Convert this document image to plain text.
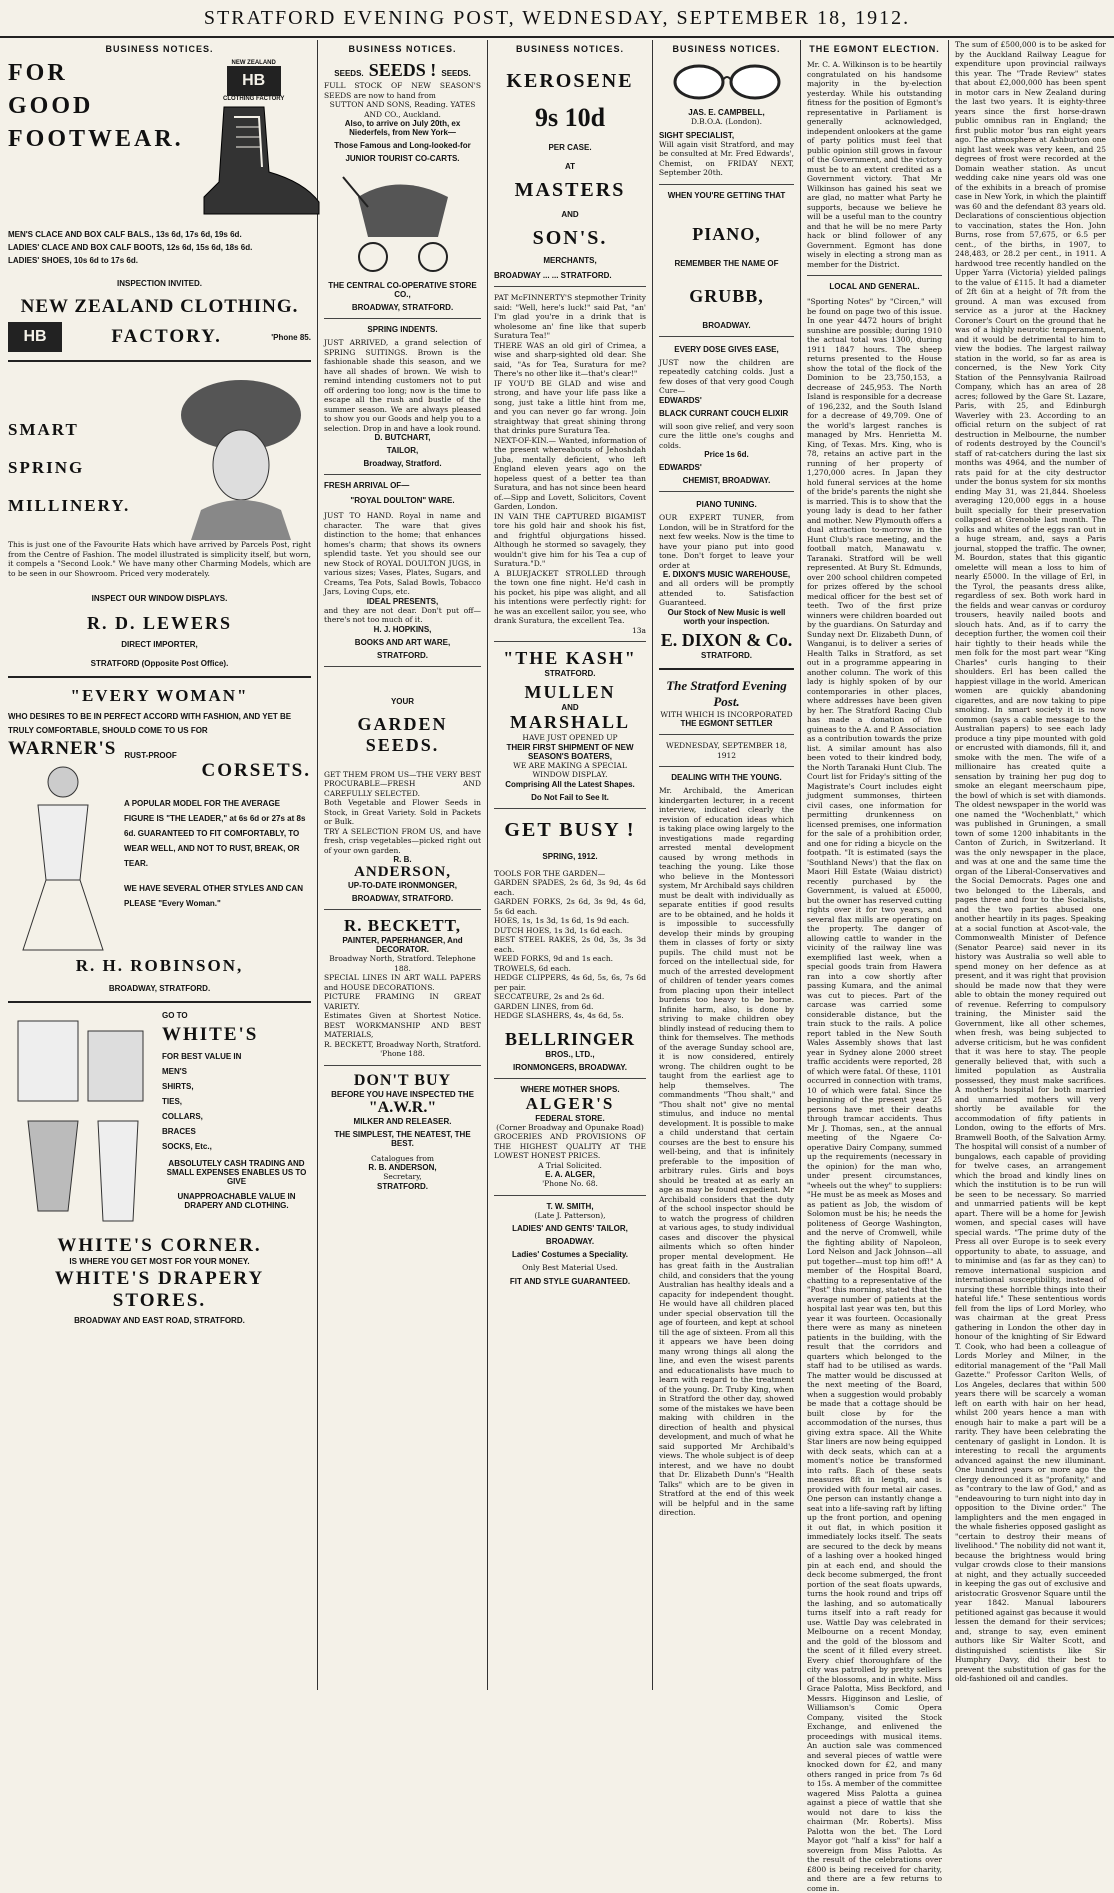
STRATFORD EVENING POST, WEDNESDAY, SEPTEMBER 18, 1912.
BUSINESS NOTICES.
FOR
GOOD
FOOTWEAR.
NEW ZEALAND
HB
CLOTHING FACTORY
MEN'S CLACE AND BOX CALF BALS., 13s 6d, 17s 6d, 19s 6d.
LADIES' CLACE AND BOX CALF BOOTS, 12s 6d, 15s 6d, 18s 6d.
LADIES' SHOES, 10s 6d to 17s 6d.
INSPECTION INVITED.
NEW ZEALAND CLOTHING.
HB	FACTORY.	'Phone 85.
SMART
SPRING
MILLINERY.
This is just one of the Favourite Hats which have arrived by Parcels Post, right from the Centre of Fashion. The model illustrated is simplicity itself, but worn, it compels a "Second Look." We have many other Charming Models, which are to be seen in our Showroom. Priced very moderately.
INSPECT OUR WINDOW DISPLAYS.
R. D. LEWERS
DIRECT IMPORTER,
STRATFORD (Opposite Post Office).
"EVERY WOMAN"
WHO DESIRES TO BE IN PERFECT ACCORD WITH FASHION, AND YET BE TRULY COMFORTABLE, SHOULD COME TO US FOR
WARNER'S RUST-PROOF
CORSETS.
A POPULAR MODEL FOR THE AVERAGE FIGURE IS "THE LEADER," at 6s 6d or 27s at 8s 6d. GUARANTEED TO FIT COMFORTABLY, TO WEAR WELL, AND NOT TO RUST, BREAK, OR TEAR.
WE HAVE SEVERAL OTHER STYLES AND CAN PLEASE "Every Woman."
R. H. ROBINSON,
BROADWAY, STRATFORD.
GO TO
WHITE'S
FOR BEST VALUE IN
MEN'S
SHIRTS,
TIES,
COLLARS,
BRACES
SOCKS, Etc.,
ABSOLUTELY CASH TRADING AND SMALL EXPENSES ENABLES US TO GIVE
UNAPPROACHABLE VALUE IN DRAPERY AND CLOTHING.
WHITE'S CORNER.
IS WHERE YOU GET MOST FOR YOUR MONEY.
WHITE'S DRAPERY STORES.
BROADWAY AND EAST ROAD, STRATFORD.
BUSINESS NOTICES.
SEEDS. SEEDS ! SEEDS.
FULL STOCK OF NEW SEASON'S SEEDS are now to hand from
SUTTON AND SONS, Reading. YATES AND CO., Auckland.
Also, to arrive on July 20th, ex Niederfels, from New York—
Those Famous and Long-looked-for
JUNIOR TOURIST CO-CARTS.
THE CENTRAL CO-OPERATIVE STORE CO.,
BROADWAY, STRATFORD.
SPRING INDENTS.
JUST ARRIVED, a grand selection of SPRING SUITINGS. Brown is the fashionable shade this season, and we have all shades of brown. We wish to remind intending customers not to put off ordering too long; now is the time to escape all the rush and bustle of the summer season. We are always pleased to show you our Goods and help you to a selection. Drop in and have a look round.
D. BUTCHART,
TAILOR,
Broadway, Stratford.
FRESH ARRIVAL OF—
"ROYAL DOULTON" WARE.
JUST TO HAND. Royal in name and character. The ware that gives distinction to the home; that enhances homes's charm; that shows its owners splendid taste. Yet you should see our new Stock of ROYAL DOULTON JUGS, in various sizes; Vases, Plates, Sugars, and Creams, Tea Pots, Salad Bowls, Tobacco Jars, Loving Cups, etc.
IDEAL PRESENTS,
and they are not dear. Don't put off—there's not too much of it.
H. J. HOPKINS,
BOOKS AND ART WARE,
STRATFORD.
YOUR
GARDEN SEEDS.
GET THEM FROM US—THE VERY BEST PROCURABLE—FRESH AND CAREFULLY SELECTED.
Both Vegetable and Flower Seeds in Stock, in Great Variety. Sold in Packets or Bulk.
TRY A SELECTION FROM US, and have fresh, crisp vegetables—picked right out of your own garden.
R. B.
ANDERSON,
UP-TO-DATE IRONMONGER,
BROADWAY, STRATFORD.
R. BECKETT,
PAINTER, PAPERHANGER, And DECORATOR.
Broadway North, Stratford. Telephone 188.
SPECIAL LINES IN ART WALL PAPERS and HOUSE DECORATIONS.
PICTURE FRAMING IN GREAT VARIETY.
Estimates Given at Shortest Notice. BEST WORKMANSHIP AND BEST MATERIALS,
R. BECKETT, Broadway North, Stratford. 'Phone 188.
DON'T BUY
BEFORE YOU HAVE INSPECTED THE
"A.W.R."
MILKER AND RELEASER.
THE SIMPLEST, THE NEATEST, THE BEST.
Catalogues from
R. B. ANDERSON,
Secretary,
STRATFORD.
BUSINESS NOTICES.
KEROSENE
9s 10d
PER CASE.
AT
MASTERS
AND
SON'S.
MERCHANTS,
BROADWAY ... ... STRATFORD.
PAT McFINNERTY'S stepmother Trinity said: "Well, here's luck!" said Pat, "an' I'm glad you're in a drink that is wholesome an' fine like that superb Suratura Tea!"
THERE WAS an old girl of Crimea, a wise and sharp-sighted old dear. She said, "As for Tea, Suratura for me? There's no other like it—that's clear!"
IF YOU'D BE GLAD and wise and strong, and have your life pass like a song, just take a little hint from me, and you can never go far wrong. Join straightway that great shining throng that drinks pure Suratura Tea.
NEXT-OF-KIN.— Wanted, information of the present whereabouts of Jehoshdah Juba, mentally deficient, who left England eleven years ago on the hopeless quest of a better tea than Suratura, and has not since been heard of.—Sipp and Lovett, Solicitors, Covent Garden, London.
IN VAIN THE CAPTURED BIGAMIST tore his gold hair and shook his fist, and frightful objurgations hissed. Although he stormed so savagely, they wouldn't give him for his Tea a cup of Suratura."D."
A BLUEJACKET STROLLED through the town one fine night. He'd cash in his pocket, his pipe was alight, and all his intentions were perfectly right: for he was an excellent sailor, you see, who drank Suratura, the excellent Tea.
13a
"THE KASH"
STRATFORD.
MULLEN
AND
MARSHALL
HAVE JUST OPENED UP
THEIR FIRST SHIPMENT OF NEW SEASON'S BOATERS,
WE ARE MAKING A SPECIAL WINDOW DISPLAY.
Comprising All the Latest Shapes.
Do Not Fail to See It.
GET BUSY !
SPRING, 1912.
TOOLS FOR THE GARDEN—
GARDEN SPADES, 2s 6d, 3s 9d, 4s 6d each.
GARDEN FORKS, 2s 6d, 3s 9d, 4s 6d, 5s 6d each.
HOES, 1s, 1s 3d, 1s 6d, 1s 9d each.
DUTCH HOES, 1s 3d, 1s 6d each.
BEST STEEL RAKES, 2s 0d, 3s, 3s 3d each.
WEED FORKS, 9d and 1s each.
TROWELS, 6d each.
HEDGE CLIPPERS, 4s 6d, 5s, 6s, 7s 6d per pair.
SECCATEURE, 2s and 2s 6d.
GARDEN LINES, from 6d.
HEDGE SLASHERS, 4s, 4s 6d, 5s.
BELLRINGER
BROS., LTD.,
IRONMONGERS, BROADWAY.
WHERE MOTHER SHOPS.
ALGER'S
FEDERAL STORE.
(Corner Broadway and Opunake Road)
GROCERIES AND PROVISIONS OF THE HIGHEST QUALITY AT THE LOWEST HONEST PRICES.
A Trial Solicited.
E. A. ALGER,
'Phone No. 68.
T. W. SMITH,
(Late J. Patterson),
LADIES' AND GENTS' TAILOR,
BROADWAY.
Ladies' Costumes a Speciality.
Only Best Material Used.
FIT AND STYLE GUARANTEED.
BUSINESS NOTICES.
JAS. E. CAMPBELL,
D.B.O.A. (London).
SIGHT SPECIALIST,
Will again visit Stratford, and may be consulted at Mr. Fred Edwards', Chemist, on FRIDAY NEXT, September 20th.
WHEN YOU'RE GETTING THAT
PIANO,
REMEMBER THE NAME OF
GRUBB,
BROADWAY.
EVERY DOSE GIVES EASE,
JUST now the children are repeatedly catching colds. Just a few doses of that very good Cough Cure—
EDWARDS'
BLACK CURRANT COUCH ELIXIR
will soon give relief, and very soon cure the little one's coughs and colds.
Price 1s 6d.
EDWARDS'
CHEMIST, BROADWAY.
PIANO TUNING.
OUR EXPERT TUNER, from London, will be in Stratford for the next few weeks. Now is the time to have your piano put into good tone. Don't forget to leave your order at
E. DIXON'S MUSIC WAREHOUSE,
and all orders will be promptly attended to. Satisfaction Guaranteed.
Our Stock of New Music is well worth your inspection.
E. DIXON & Co.
STRATFORD.
The Stratford Evening Post.
WITH WHICH IS INCORPORATED
THE EGMONT SETTLER
WEDNESDAY, SEPTEMBER 18, 1912
DEALING WITH THE YOUNG.
Mr. Archibald, the American kindergarten lecturer, in a recent interview, indicated clearly the revision of education ideas which is taking place owing largely to the investigations made regarding arrested mental development caused by wrong methods in teaching the young. Like those who believe in the Montessori system, Mr Archibald says children must be dealt with individually as separate entities if good results are to be obtained, and he holds it is impossible to successfully develop their minds by grouping them in classes of forty or sixty pupils. The child must not be forced on the intellectual side, for much of the arrested development of children of tender years comes from placing upon their intellect burdens too heavy to be borne. Infinite harm, also, is done by striving to make children obey blindly instead of reducing them to think for themselves. The methods of the average Sunday school are, it is now considered, entirely wrong. The children ought to be taught from the earliest age to help themselves. The commandments "Thou shalt," and "Thou shalt not" give no mental stimulus, and induce no mental development. It is possible to make a child understand that certain courses are the best to ensure his well-being, and that is infinitely preferable to the imposition of arbitrary rules. Girls and boys should be treated at as early an age as may be found expedient. Mr Archibald considers that the duty of the school inspector should be to watch the progress of children at various ages, to study individual cases and discover the physical ailments which so often hinder proper mental development. He has great faith in the Australian child, and considers that the young Australian has healthy ideals and a capacity for independent thought. He would have all children placed under special observation till the age of fourteen, and kept at school till the age of sixteen. From all this it appears we have been doing many wrong things all along the line, and even the wisest parents and educationalists have much to learn with regard to the treatment of the young. Dr. Truby King, when in Stratford the other day, showed some of the mistakes we have been making with children in the direction of health and physical development, and much of what he said supported Mr Archibald's views. The whole subject is of deep interest, and we have no doubt that Dr. Elizabeth Dunn's "Health Talks" which are to be given in Stratford at the end of this week will be helpful and in the same direction.
THE EGMONT ELECTION.
Mr. C. A. Wilkinson is to be heartily congratulated on his handsome majority in the by-election yesterday. While his outstanding fitness for the position of Egmont's representative in Parliament is generally acknowledged, independent onlookers at the game of party politics must feel that public opinion still grows in favour of the Government, and the victory must be to an extent credited as a Government victory. That Mr Wilkinson has gained his seat we are glad, no matter what Party he supports, because we believe he will be a useful man to the country and that he will be no mere Party hack or blind follower of any Government. Egmont has done wisely in electing a strong man as member for the District.
LOCAL AND GENERAL.
"Sporting Notes" by "Circen," will be found on page two of this issue. In one year 4472 hours of bright sunshine are possible; during 1910 the actual total was 1300, during 1911 1847 hours. The sheep returns presented to the House show the total of the flock of the Dominion to be 23,750,153, a decrease of 245,953. The North Island is responsible for a decrease of 196,232, and the South Island for a decrease of 49,709. One of the world's largest ranches is managed by Mrs. Henrietta M. King, of Texas. Mrs. King, who is 78, retains an active part in the running of her property of 1,270,000 acres. In Japan they hold funeral services at the home of the bride's parents the night she is married. This is to show that the young lady is dead to her father and mother. New Plymouth offers a dual attraction to-morrow in the Hunt Club's race meeting, and the football match, Manawatu v. Taranaki. Stratford will be well represented. At Bury St. Edmunds, over 200 school children competed for prizes offered by the school medical officer for the best set of teeth. Two of the first prize winners were children boarded out by the guardians. On Saturday and Sunday next Dr. Elizabeth Dunn, of Wanganui, is to deliver a series of Health Talks in Stratford, as set out in a programme appearing in another column. The work of this lady is highly spoken of by our contemporaries in other places, where addresses have been given by her. The Stratford Racing Club has made a donation of five guineas to the A. and P. Association as a contribution towards the prize list. A similar amount has also been voted to their kindred body, the North Taranaki Hunt Club. The Court list for Friday's sitting of the Magistrate's Court includes eight judgment summonses, thirteen civil cases, one information for permitting drunkenness on licensed premises, one information for the sale of a prohibition order, and one for riding a bicycle on the footpath. "It is estimated (says the 'Southland News') that the flax on Maori Hill Estate (Waiau district) recently purchased by the Government, is valued at £5000, but the owner has reserved cutting rights over it for two years, and several flax mills are operating on the property. The danger of allowing cattle to wander in the vicinity of the railway line was exemplified last week, when a special goods train from Hawera ran into a cow shortly after passing Kumara, and the animal was cut to pieces. Part of the carcase was carried some considerable distance, but the train stuck to the rails. A police report tabled in the New South Wales Assembly shows that last year in Sydney alone 2000 street traffic accidents were reported, 28 of which were fatal. Of these, 1101 occurred in connection with trams, 10 of which were fatal. Since the beginning of the present year 25 persons have met their deaths through tramcar accidents. Thus Mr J. Thomas, sen., at the annual meeting of the Ngaere Co-operative Dairy Company, summed up the requirements (necessary in the opinion) for the man who, under present circumstances, "wheels out the whey" to suppliers: "He must be as meek as Moses and as patient as Job, the wisdom of Solomon must be his; he needs the politeness of George Washington, and the nerve of Cromwell, while the fighting ability of Napoleon, Lord Nelson and Jack Johnson—all put together—must top him off!" A member of the Hospital Board, chatting to a representative of the "Post" this morning, stated that the average number of patients at the hospital last year was ten, but this year it was fourteen. Occasionally there were as many as nineteen patients in the building, with the result that the corridors and quarters which belonged to the staff had to be utilised as wards. The matter would be discussed at the next meeting of the Board, when a suggestion would probably be made that a cottage should be built close by for the accommodation of the nurses, thus giving extra space. All the White Star liners are now being equipped with deck seats, which can at a moment's notice be transformed into rafts. Each of these seats measures 8ft in length, and is provided with four metal air cases. One person can instantly change a seat into a life-saving raft by lifting up the front portion, and opening it out flat, in which position it immediately locks itself. The seats are secured to the deck by means of a lashing over a hooked hinged pin at each end, and should the deck become submerged, the front portion of the seat floats upwards, turns the hook round and trips off the lashing, and so automatically turns itself into a raft ready for use. Wattle Day was celebrated in Melbourne on a recent Monday, and the gold of the blossom and the scent of it filled every street. Every chief thoroughfare of the city was patrolled by pretty sellers of the blossoms, and in white. Miss Grace Palotta, Miss Beckford, and Messrs. Higginson and Leslie, of Williamson's Comic Opera Company, visited the Stock Exchange, and enlivened the proceedings with musical items. An auction sale was commenced and several pieces of wattle were knocked down for £2, and many others ranged in price from 7s 6d to 15s. A member of the committee wagered Miss Palotta a guinea against a piece of wattle that she would not dare to kiss the chairman (Mr. Roberts). Miss Palotta won the bet. The Lord Mayor got "half a kiss" for half a sovereign from Miss Palotta. As the result of the celebrations over £800 is being received for charity, and there are a few returns to come in.
The sum of £500,000 is to be asked for by the Auckland Railway League for expenditure upon provincial railways this year. The "Trade Review" states that about £2,000,000 has been spent in motor cars in New Zealand during the last two years. It is eighty-three years since the first horse-drawn public omnibus ran in England; the first public motor 'bus ran eight years ago. The atmosphere at Ashburton one night last week was very keen, and 25 degrees of frost were recorded at the Domain weather station. As uncut wedding cake nine years old was one of the exhibits in a breach of promise case in New York, in which the plaintiff was 60 and the defendant 83 years old. Declarations of conscientious objection to vaccination, states the Hon. John Burns, rose from 57,675, or 6.5 per cent., of the births, in 1907, to 248,483, or 28.2 per cent., in 1911. A hardwood tree recently handled on the Upper Yarra (Victoria) yielded palings to the value of £115. It had a diameter of 2ft 6in at a height of 7ft from the ground. A man was excused from service as a juror at the Hackney Coroner's Court on the ground that he was of a highly neurotic temperament, and it would be detrimental to him to view the bodies. The largest railway station in the world, so far as area is concerned, is the New York City Station of the Pennsylvania Railroad Company, which has an area of 28 acres; followed by the Gare St. Lazare, Paris, with 25, and Edinburgh Waverley with 23. According to an official return on the subject of rat destruction in Melbourne, the number of rodents destroyed by the Council's staff of rat-catchers during the last six months was 4964, and the number of rats paid for at the city destructor under the bonus system for six months ending May 31, was 21,844. Shoeless averaging 120,000 eggs in a house built specially for their preservation collapsed at Grenoble last month. The yolks and whites of the eggs ran out in a huge stream, and, says a Paris journal, stopped the traffic. The owner, M. Bourdon, states that this gigantic omelette will mean a loss to him of nearly £5000. In the village of Erl, in the Tyrol, the peasants dress alike, regardless of sex. Both work hard in the fields and wear canvas or corduroy trousers, heavily nailed boots and slouch hats. And, as if to carry the deception further, the women coil their hair tightly to their heads while the men folk for the most part wear "King Charles" curls hanging to their shoulders. Erl has been called the happiest village in the world. American women are quickly abandoning cigarettes, and are now taking to pipe smoking. In smart society it is now common (says a cable message to the Australian papers) to see each lady produce a tiny pipe mounted with gold or encrusted with diamonds, fill it, and smoke with the men. The wife of a millionaire has created quite a sensation by training her pug dog to smoke an elegant meerschaum pipe, the bowl of which is set with diamonds. The oldest newspaper in the world was one named the "Wochenblatt," which was published in Gruningen, a small town of some 1200 inhabitants in the Canton of Zurich, in Switzerland. It was the only newspaper in the place, and was at one and the same time the organ of the Liberal-Conservatives and the Social Democrats. Pages one and two belonged to the Liberals, and pages three and four to the Socialists, and the two parties abused one another heartily in its pages. Speaking at a social function at Ascot-vale, the Commonwealth Minister of Defence (Senator Pearce) said never in its history was Australia so well able to spend money on her defence as at present, and it was right that provision should be made now that they were able to obtain the money required out of revenue. Referring to compulsory training, the Minister said the Government, like all other schemes, when fresh, was being subjected to adverse criticism, but he was confident that it was here to stay. The people generally believed that, with such a limited population as Australia possessed, they must make sacrifices. A mother's hospital for both married and unmarried mothers will very shortly be available for the accommodation of fifty patients in London, owing to the efforts of Mrs. Bramwell Booth, of the Salvation Army. The hospital will consist of a number of bungalows, each capable of providing for twelve cases, an arrangement which the broad and kindly lines on which the institution is to be run will be seen to be necessary. So married and unmarried patients will be kept apart. There will be a home for Jewish women, and special cases will have special wards. "The prime duty of the Press all over Europe is to seek every opportunity to abate, to assuage, and to minimise and (as far as they can) to remove international suspicion and international susceptibility, instead of nursing these horrible things into their hateful life." These sententious words fell from the lips of Lord Morley, who was chairman at the great Press gathering in London the other day in honour of the knighting of Sir Edward T. Cook, who had been a colleague of Lords Morley and Milner, in the editorial management of the "Pall Mall Gazette." Professor Carlton Wells, of Los Angeles, declares that within 500 years there will be scarcely a woman left on earth with hair on her head, whilst 200 years hence a man with enough hair to make a part will be a rarity. They have been celebrating the centenary of gaslight in London. It is interesting to recall the arguments advanced against the new illuminant. One hundred years or more ago the clergy denounced it as "profanity," and as "contrary to the law of God," and as "endeavouring to turn night into day in opposition to the Divine order." The lamplighters and the men engaged in the whale fisheries opposed gaslight as "certain to destroy their means of livelihood." The nobility did not want it, because the brightness would bring vulgar crowds close to their mansions at night, and they actually succeeded in keeping the gas out of exclusive and aristocratic Grosvenor Square until the year 1842. Manual labourers petitioned against gas because it would lessen the demand for their services; and, strange to say, even eminent authors like Sir Walter Scott, and distinguished scientists like Sir Humphry Davy, did their best to prevent the substitution of gas for the old-fashioned oil and candles.
